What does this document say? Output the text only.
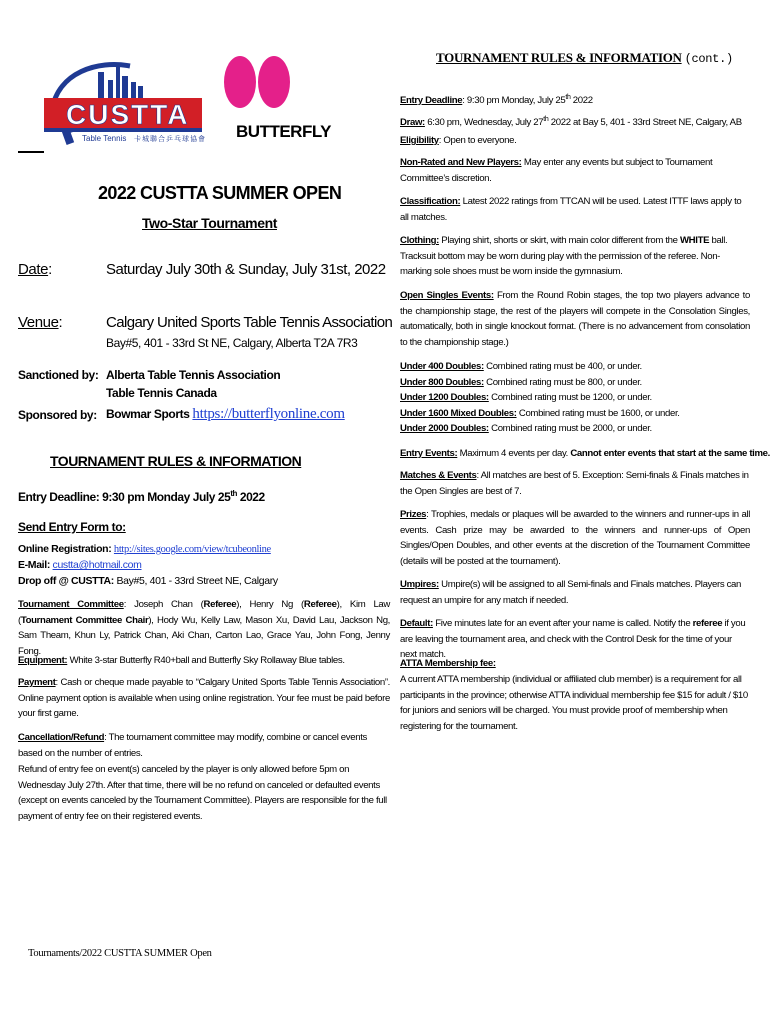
CUSTTA
Table Tennis 卡城聯合乒乓球協會 BUTTERFLY
2022 CUSTTA SUMMER OPEN
Two-Star Tournament
Date:	Saturday July 30th & Sunday, July 31st, 2022
Venue:	Calgary United Sports Table Tennis Association
Bay#5, 401 - 33rd St NE, Calgary, Alberta T2A 7R3
Sanctioned by: Alberta Table Tennis Association
Table Tennis Canada
Sponsored by: Bowmar Sports https://butterflyonline.com
TOURNAMENT RULES & INFORMATION
Entry Deadline: 9:30 pm Monday July 25th 2022
Send Entry Form to:
Online Registration: http://sites.google.com/view/tcubeonline
E-Mail: custta@hotmail.com
Drop off @ CUSTTA: Bay#5, 401 - 33rd Street NE, Calgary
Tournament Committee: Joseph Chan (Referee), Henry Ng (Referee), Kim Law (Tournament Committee Chair), Hody Wu, Kelly Law, Mason Xu, David Lau, Jackson Ng, Sam Theam, Khun Ly, Patrick Chan, Aki Chan, Carton Lao, Grace Yau, John Fong, Jenny Fong.
Equipment: White 3-star Butterfly R40+ball and Butterfly Sky Rollaway Blue tables.
Payment: Cash or cheque made payable to “Calgary United Sports Table Tennis Association”. Online payment option is available when using online registration. Your fee must be paid before your first game.
Cancellation/Refund: The tournament committee may modify, combine or cancel events based on the number of entries.
Refund of entry fee on event(s) canceled by the player is only allowed before 5pm on Wednesday July 27th. After that time, there will be no refund on canceled or defaulted events (except on events canceled by the Tournament Committee). Players are responsible for the full payment of entry fee on their registered events.
Tournaments/2022 CUSTTA SUMMER Open
TOURNAMENT RULES & INFORMATION (cont.)
Entry Deadline: 9:30 pm Monday, July 25th 2022
Draw: 6:30 pm, Wednesday, July 27th 2022 at Bay 5, 401 - 33rd Street NE, Calgary, AB
Eligibility: Open to everyone.
Non-Rated and New Players: May enter any events but subject to Tournament Committee’s discretion.
Classification: Latest 2022 ratings from TTCAN will be used. Latest ITTF laws apply to all matches.
Clothing: Playing shirt, shorts or skirt, with main color different from the WHITE ball. Tracksuit bottom may be worn during play with the permission of the referee. Non-marking sole shoes must be worn inside the gymnasium.
Open Singles Events: From the Round Robin stages, the top two players advance to the championship stage, the rest of the players will compete in the Consolation Singles, automatically, both in single knockout format. (There is no advancement from consolation to the championship stage.)
Under 400 Doubles: Combined rating must be 400, or under.
Under 800 Doubles: Combined rating must be 800, or under.
Under 1200 Doubles: Combined rating must be 1200, or under.
Under 1600 Mixed Doubles: Combined rating must be 1600, or under.
Under 2000 Doubles: Combined rating must be 2000, or under.
Entry Events: Maximum 4 events per day. Cannot enter events that start at the same time.
Matches & Events: All matches are best of 5. Exception: Semi-finals & Finals matches in the Open Singles are best of 7.
Prizes: Trophies, medals or plaques will be awarded to the winners and runner-ups in all events. Cash prize may be awarded to the winners and runner-ups of Open Singles/Open Doubles, and other events at the discretion of the Tournament Committee (details will be posted at the tournament).
Umpires: Umpire(s) will be assigned to all Semi-finals and Finals matches. Players can request an umpire for any match if needed.
Default: Five minutes late for an event after your name is called. Notify the referee if you are leaving the tournament area, and check with the Control Desk for the time of your next match.
ATTA Membership fee:
A current ATTA membership (individual or affiliated club member) is a requirement for all participants in the province; otherwise ATTA individual membership fee $15 for adult / $10 for juniors and seniors will be charged. You must provide proof of membership when registering for the tournament.
